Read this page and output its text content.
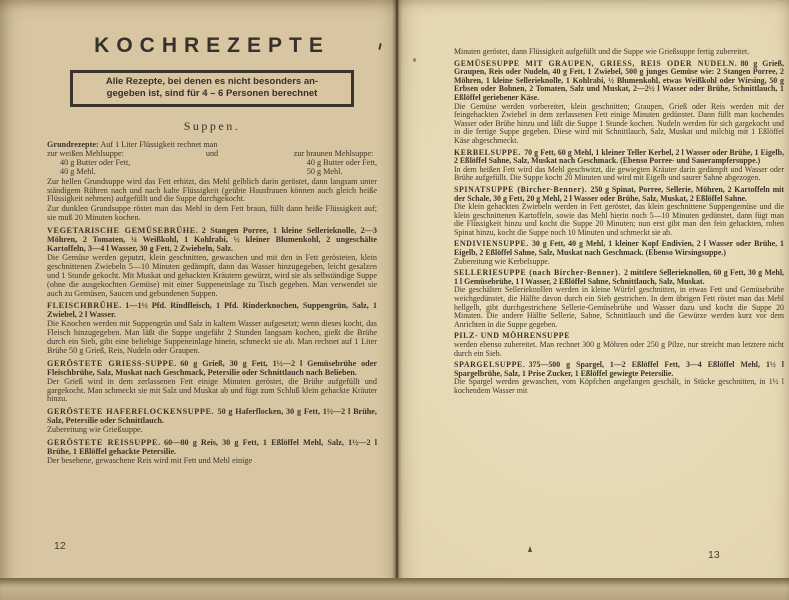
KOCHREZEPTE
Alle Rezepte, bei denen es nicht besonders an-
gegeben ist, sind für 4 – 6 Personen berechnet

Suppen.

Grundrezepte: Auf 1 Liter Flüssigkeit rechnet man

zur weißen Mehlsuppe:

40 g Butter oder Fett,

40 g Mehl.

und	zur braunen Mehlsuppe:

40 g Butter oder Fett,

50 g Mehl.

Zur hellen Grundsuppe wird das Fett erhitzt, das Mehl gelblich darin geröstet, dann langsam unter ständigem Rühren nach und nach kalte Flüssigkeit (geübte Hausfrauen können auch gleich heiße Flüssigkeit nehmen) aufgefüllt und die Suppe durchgekocht.

Zur dunklen Grundsuppe röstet man das Mehl in dem Fett braun, füllt dann heiße Flüssigkeit auf; sie muß 20 Minuten kochen.

VEGETARISCHE GEMÜSEBRÜHE. 2 Stangen Porree, 1 kleine Sellerieknolle, 2—3 Möhren, 2 Tomaten, ¼ Weißkohl, 1 Kohlrabi, ½ kleiner Blumenkohl, 2 ungeschälte Kartoffeln, 3—4 l Wasser, 30 g Fett, 2 Zwiebeln, Salz.

Die Gemüse werden geputzt, klein geschnitten, gewaschen und mit den in Fett gerösteten, klein geschnittenen Zwiebeln 5—10 Minuten gedämpft, dann das Wasser hinzugegeben, leicht gesalzen und 1 Stunde gekocht. Mit Muskat und gehackten Kräutern gewürzt, wird sie als selbständige Suppe (ohne die ausgekochten Gemüse) mit einer Suppeneinlage zu Tisch gegeben. Man verwendet sie auch zu Gemüsen, Saucen und gebundenen Suppen.

FLEISCHBRÜHE. 1—1½ Pfd. Rindfleisch, 1 Pfd. Rinderknochen, Suppengrün, Salz, 1 Zwiebel, 2 l Wasser.

Die Knochen werden mit Suppengrün und Salz in kaltem Wasser aufgesetzt; wenn dieses kocht, das Fleisch hinzugegeben. Man läßt die Suppe ungefähr 2 Stunden langsam kochen, gießt die Brühe durch ein Sieb, gibt eine beliebige Suppeneinlage hinein, schmeckt sie ab. Man rechnet auf 1 Liter Brühe 50 g Grieß, Reis, Nudeln oder Graupen.

GERÖSTETE GRIESS-SUPPE. 60 g Grieß, 30 g Fett, 1½—2 l Gemüsebrühe oder Fleischbrühe, Salz, Muskat nach Geschmack, Petersilie oder Schnittlauch nach Belieben.

Der Grieß wird in dem zerlassenen Fett einige Minuten geröstet, die Brühe aufgefüllt und gargekocht. Man schmeckt sie mit Salz und Muskat ab und fügt zum Schluß klein gehackte Kräuter hinzu.

GERÖSTETE HAFERFLOCKENSUPPE. 50 g Haferflocken, 30 g Fett, 1½—2 l Brühe, Salz, Petersilie oder Schnittlauch.

Zubereitung wie Grießsuppe.

GERÖSTETE REISSUPPE. 60—80 g Reis, 30 g Fett, 1 Eßlöffel Mehl, Salz, 1½—2 l Brühe, 1 Eßlöffel gehackte Petersilie.

Der besehene, gewaschene Reis wird mit Fett und Mehl einige

12

Minuten geröstet, dann Flüssigkeit aufgefüllt und die Suppe wie Grießsuppe fertig zubereitet.

GEMÜSESUPPE MIT GRAUPEN, GRIESS, REIS ODER NUDELN. 80 g Grieß, Graupen, Reis oder Nudeln, 40 g Fett, 1 Zwiebel, 500 g junges Gemüse wie: 2 Stangen Porree, 2 Möhren, 1 kleine Sellerieknolle, 1 Kohlrabi, ½ Blumenkohl, etwas Weißkohl oder Wirsing, 50 g Erbsen oder Bohnen, 2 Tomaten, Salz und Muskat, 2—2½ l Wasser oder Brühe, Schnittlauch, 1 Eßlöffel geriebener Käse.

Die Gemüse werden vorbereitet, klein geschnitten; Graupen, Grieß oder Reis werden mit der feingehackten Zwiebel in dem zerlassenen Fett einige Minuten gedünstet. Dann füllt man kochendes Wasser oder Brühe hinzu und läßt die Suppe 1 Stunde kochen. Nudeln werden für sich gargekocht und in die fertige Suppe gegeben. Diese wird mit Schnittlauch, Salz, Muskat und milchig mit 1 Eßlöffel Käse abgeschmeckt.

KERBELSUPPE. 70 g Fett, 60 g Mehl, 1 kleiner Teller Kerbel, 2 l Wasser oder Brühe, 1 Eigelb, 2 Eßlöffel Sahne, Salz, Muskat nach Geschmack. (Ebenso Porree- und Sauerampfersuppe.)

In dem heißen Fett wird das Mehl geschwitzt, die gewiegten Kräuter darin gedämpft und Wasser oder Brühe aufgefüllt. Die Suppe kocht 20 Minuten und wird mit Eigelb und saurer Sahne abgezogen.

SPINATSUPPE (Bircher-Benner). 250 g Spinat, Porree, Sellerie, Möhren, 2 Kartoffeln mit der Schale, 30 g Fett, 20 g Mehl, 2 l Wasser oder Brühe, Salz, Muskat, 2 Eßlöffel Sahne.

Die klein gehackten Zwiebeln werden in Fett geröstet, das klein geschnittene Suppengemüse und die klein geschnittenen Kartoffeln, sowie das Mehl hierin noch 5—10 Minuten gedünstet, dann fügt man die Flüssigkeit hinzu und kocht die Suppe 20 Minuten; nun erst gibt man den fein gehackten, rohen Spinat hinzu, kocht die Suppe noch 10 Minuten und schmeckt sie ab.

ENDIVIENSUPPE. 30 g Fett, 40 g Mehl, 1 kleiner Kopf Endivien, 2 l Wasser oder Brühe, 1 Eigelb, 2 Eßlöffel Sahne, Salz, Muskat nach Geschmack. (Ebenso Wirsingsuppe.)

Zubereitung wie Kerbelsuppe.

SELLERIESUPPE (nach Bircher-Benner). 2 mittlere Sellerieknollen, 60 g Fett, 30 g Mehl, 1 l Gemüsebrühe, 1 l Wasser, 2 Eßlöffel Sahne, Schnittlauch, Salz, Muskat.

Die geschälten Sellerieknollen werden in kleine Würfel geschnitten, in etwas Fett und Gemüsebrühe weichgedünstet, die Hälfte davon durch ein Sieb gestrichen. In dem übrigen Fett röstet man das Mehl hellgelb, gibt durchgestrichene Sellerie-Gemüsebrühe und Wasser dazu und kocht die Suppe 20 Minuten. Die andere Hälfte Sellerie, Sahne, Schnittlauch und die Gewürze werden kurz vor dem Anrichten in die Suppe gegeben.

PILZ- UND MÖHRENSUPPE

werden ebenso zubereitet. Man rechnet 300 g Möhren oder 250 g Pilze, nur streicht man letztere nicht durch ein Sieb.

SPARGELSUPPE. 375—500 g Spargel, 1—2 Eßlöffel Fett, 3—4 Eßlöffel Mehl, 1½ l Spargelbrühe, Salz, 1 Prise Zucker, 1 Eßlöffel gewiegte Petersilie.

Die Spargel werden gewaschen, vom Köpfchen angefangen geschält, in Stücke geschnitten, in 1½ l kochendem Wasser mit

13
